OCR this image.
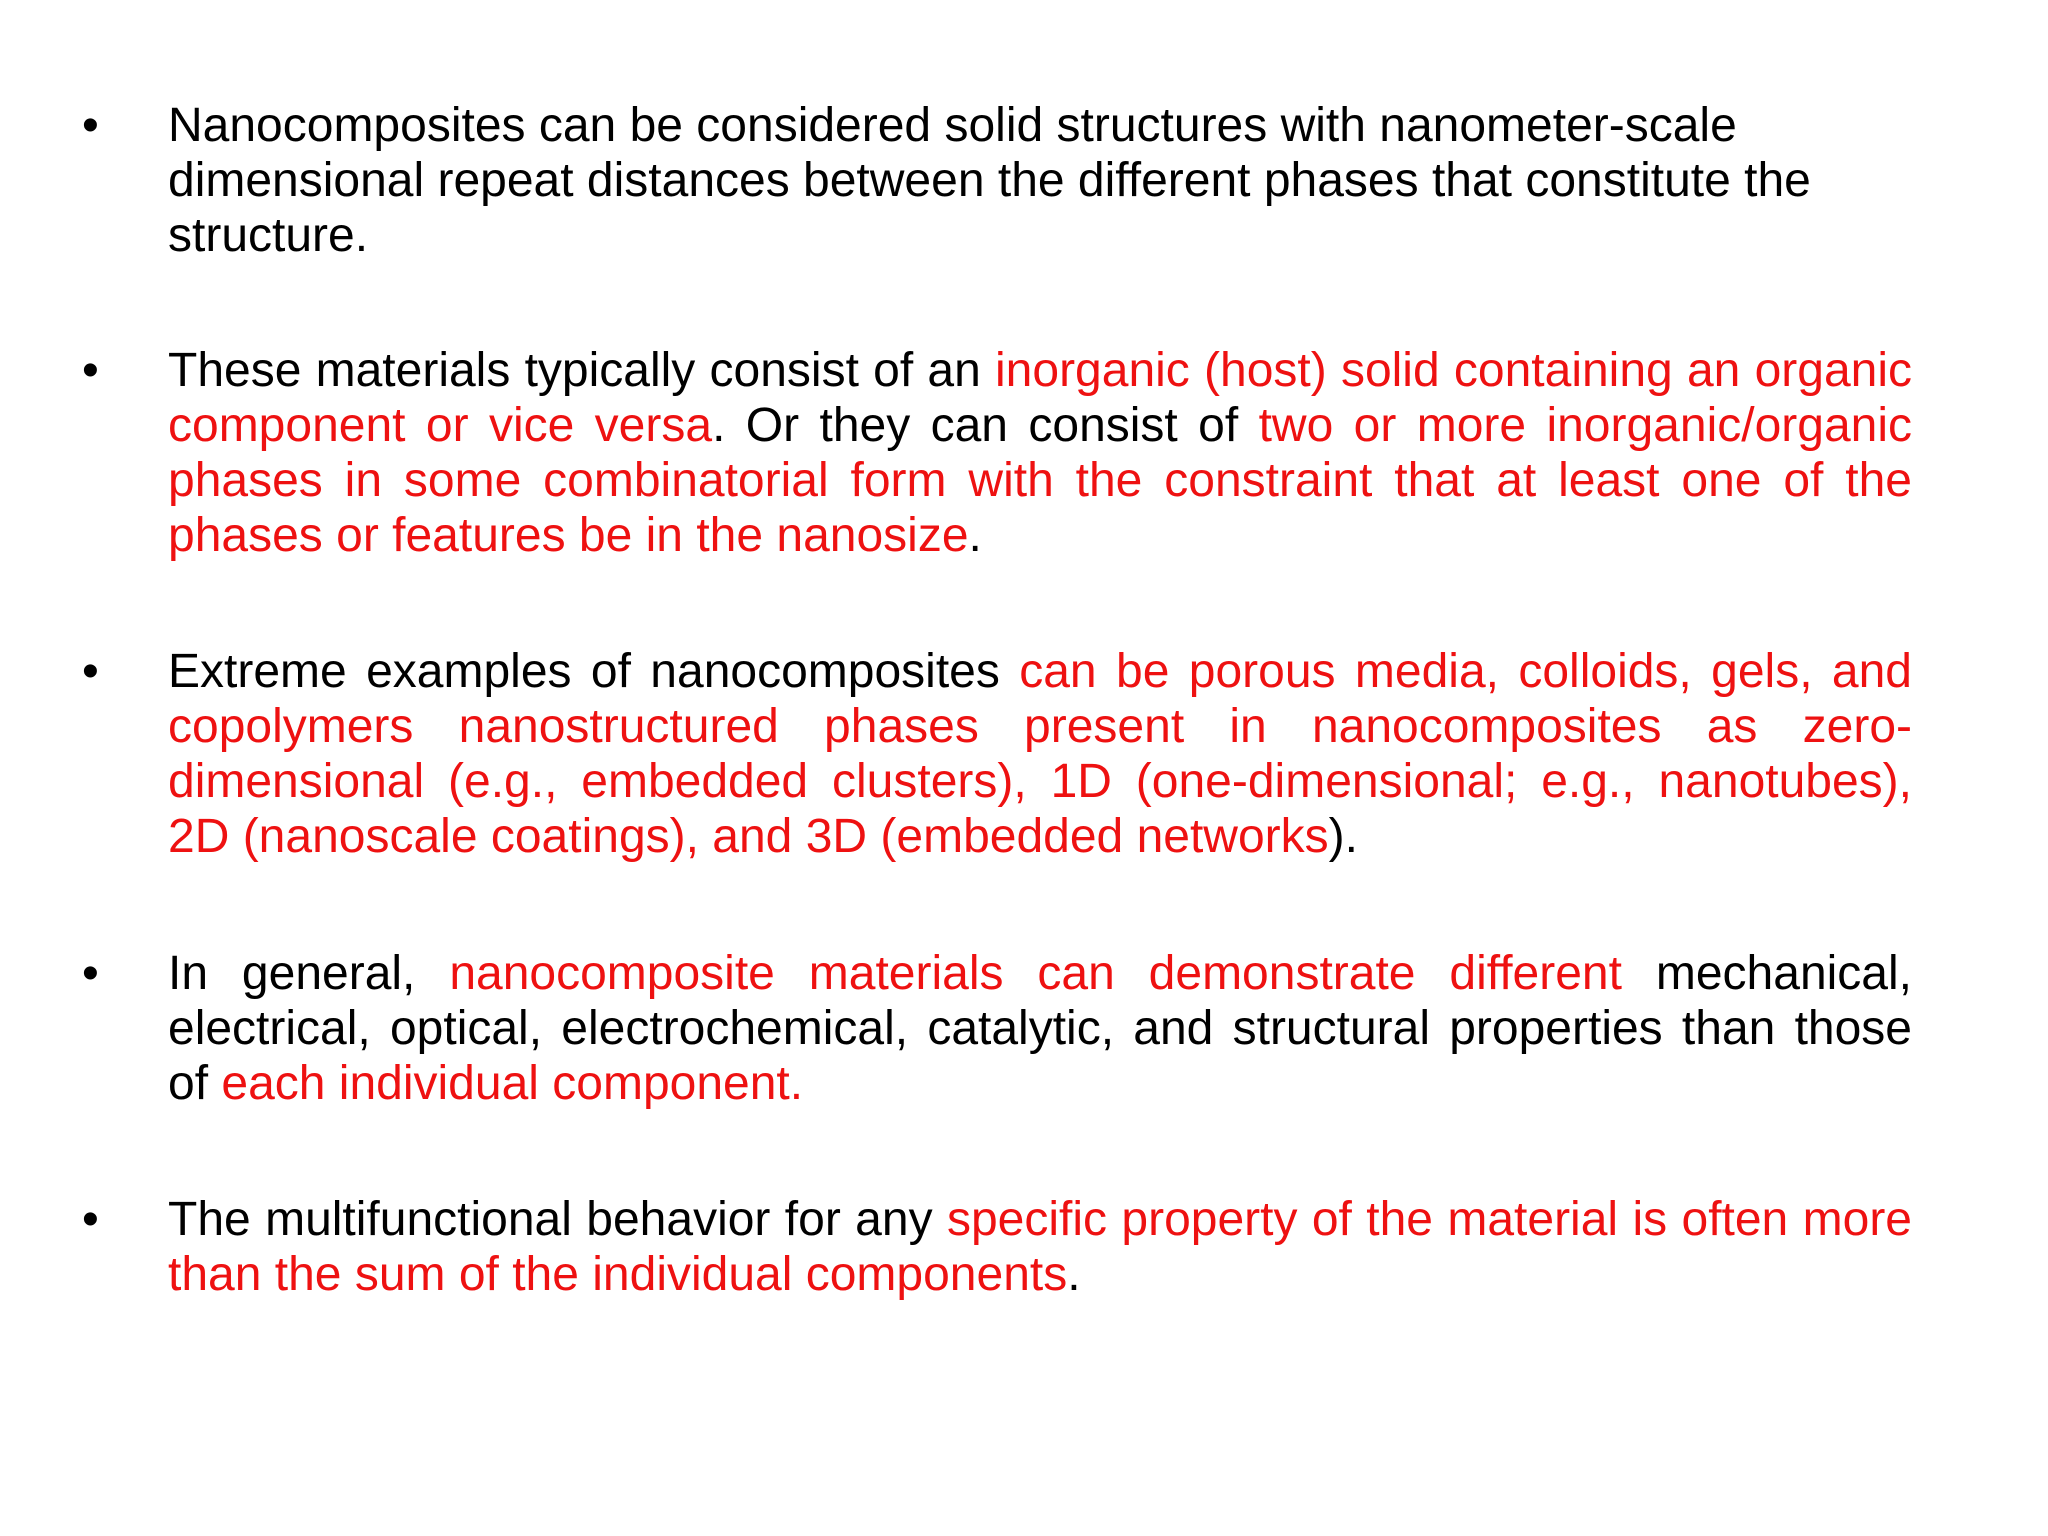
•	Nanocomposites can be considered solid structures with nanometer-scale dimensional repeat distances between the different phases that constitute the structure.
•	These materials typically consist of an inorganic (host) solid containing an organic component or vice versa. Or they can consist of two or more inorganic/organic phases in some combinatorial form with the constraint that at least one of the phases or features be in the nanosize.
•	Extreme examples of nanocomposites can be porous media, colloids, gels, and copolymers nanostructured phases present in nanocomposites as zero-dimensional (e.g., embedded clusters), 1D (one-dimensional; e.g., nanotubes), 2D (nanoscale coatings), and 3D (embedded networks).
•	In general, nanocomposite materials can demonstrate different mechanical, electrical, optical, electrochemical, catalytic, and structural properties than those of each individual component.
•	The multifunctional behavior for any specific property of the material is often more than the sum of the individual components.
